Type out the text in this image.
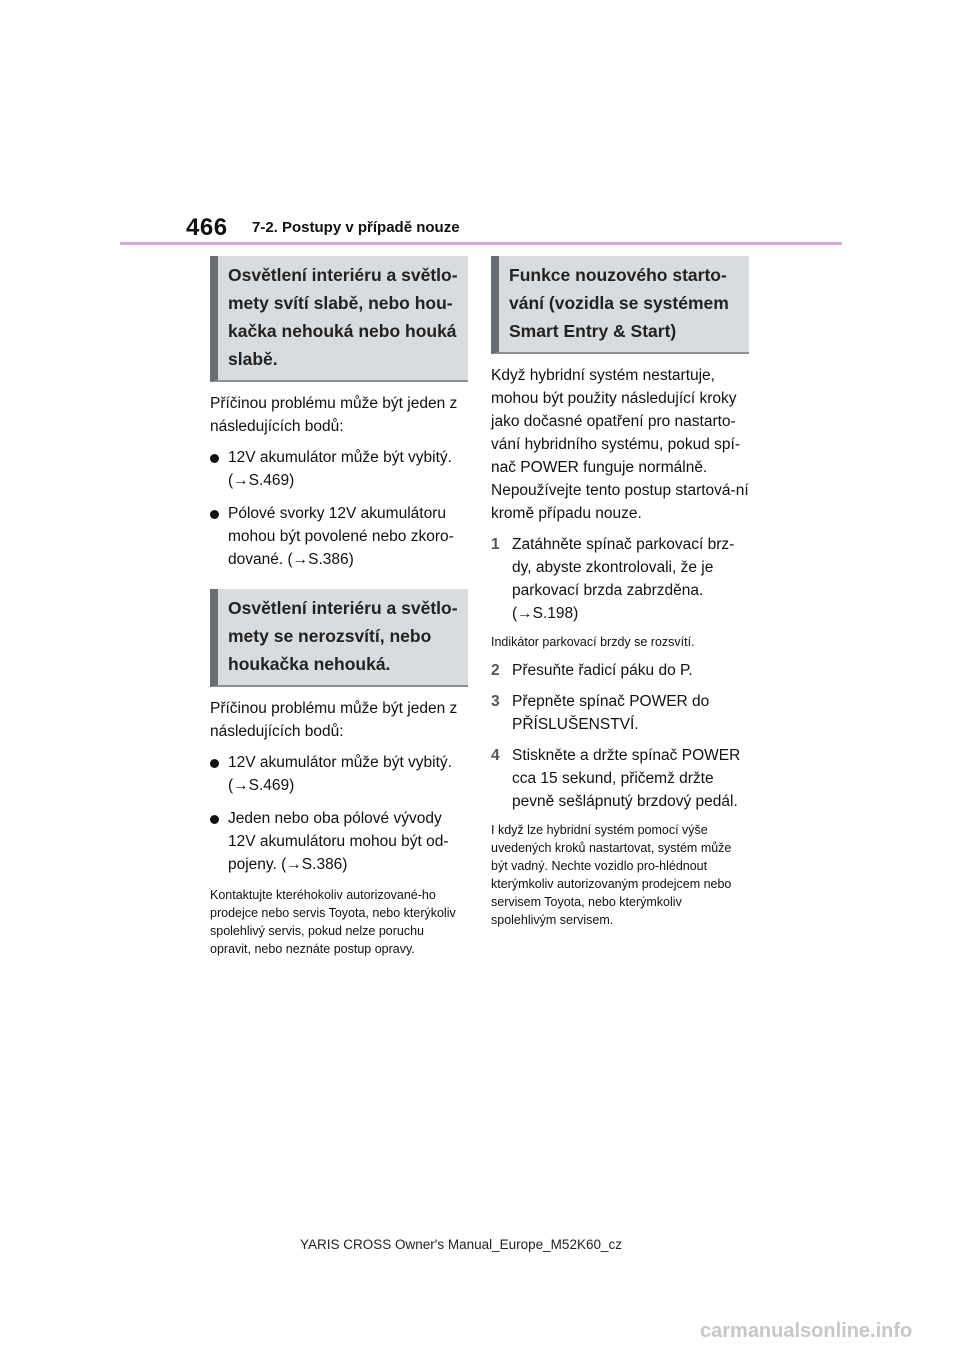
466 7-2. Postupy v případě nouze
Osvětlení interiéru a světlo-mety svítí slabě, nebo hou-kačka nehouká nebo houká slabě.
Příčinou problému může být jeden z následujících bodů:
12V akumulátor může být vybitý. (→S.469)
Pólové svorky 12V akumulátoru mohou být povolené nebo zkoro-dované. (→S.386)
Osvětlení interiéru a světlo-mety se nerozsvítí, nebo houkačka nehouká.
Příčinou problému může být jeden z následujících bodů:
12V akumulátor může být vybitý. (→S.469)
Jeden nebo oba pólové vývody 12V akumulátoru mohou být od-pojeny. (→S.386)
Kontaktujte kteréhokoliv autorizované-ho prodejce nebo servis Toyota, nebo kterýkoliv spolehlivý servis, pokud nelze poruchu opravit, nebo neznáte postup opravy.
Funkce nouzového starto-vání (vozidla se systémem Smart Entry & Start)
Když hybridní systém nestartuje, mohou být použity následující kroky jako dočasné opatření pro nastarto-vání hybridního systému, pokud spí-nač POWER funguje normálně. Nepoužívejte tento postup startová-ní kromě případu nouze.
1 Zatáhněte spínač parkovací brz-dy, abyste zkontrolovali, že je parkovací brzda zabrzděna. (→S.198)
Indikátor parkovací brzdy se rozsvítí.
2 Přesuňte řadicí páku do P.
3 Přepněte spínač POWER do PŘÍSLUŠENSTVÍ.
4 Stiskněte a držte spínač POWER cca 15 sekund, přičemž držte pevně sešlápnutý brzdový pedál.
I když lze hybridní systém pomocí výše uvedených kroků nastartovat, systém může být vadný. Nechte vozidlo pro-hlédnout kterýmkoliv autorizovaným prodejcem nebo servisem Toyota, nebo kterýmkoliv spolehlivým servisem.
YARIS CROSS Owner's Manual_Europe_M52K60_cz
carmanualsonline.info
